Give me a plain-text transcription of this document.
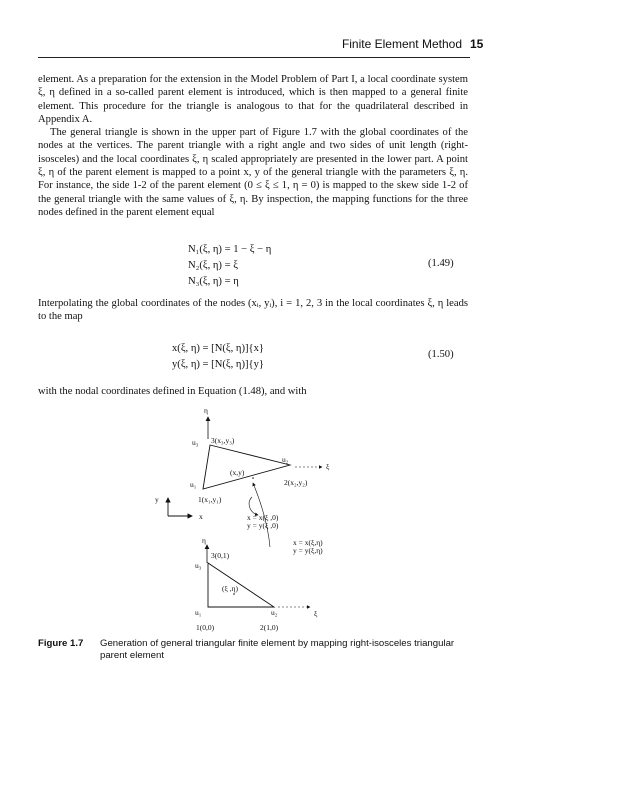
Finite Element Method 15

element. As a preparation for the extension in the Model Problem of Part I, a local coordinate system ξ, η defined in a so-called parent element is introduced, which is then mapped to a general finite element. This procedure for the triangle is analogous to that for the quadrilateral described in Appendix A.

The general triangle is shown in the upper part of Figure 1.7 with the global coordinates of the nodes at the vertices. The parent triangle with a right angle and two sides of unit length (right-isosceles) and the local coordinates ξ, η scaled appropriately are presented in the lower part. A point ξ, η of the parent element is mapped to a point x, y of the general triangle with the parameters ξ, η. For instance, the side 1-2 of the parent element (0 ≤ ξ ≤ 1, η = 0) is mapped to the skew side 1-2 of the general triangle with the same values of ξ, η. By inspection, the mapping functions for the three nodes defined in the parent element equal

N₁(ξ, η) = 1 − ξ − η
N₂(ξ, η) = ξ
N₃(ξ, η) = η
(1.49)

Interpolating the global coordinates of the nodes (xᵢ, yᵢ), i = 1, 2, 3 in the local coordinates ξ, η leads to the map

x(ξ, η) = [N(ξ, η)]{x}
y(ξ, η) = [N(ξ, η)]{y}
(1.50)

with the nodal coordinates defined in Equation (1.48), and with

η
u₃ 3(x₃,y₃)
(x,y)
u₂
ξ
2(x₂,y₂)
u₁
1(x₁,y₁)
y
x	x = x(ξ ,0)
y = y(ξ ,0)
η	x = x(ξ,η)
y = y(ξ,η)
u₃
3(0,1)
(ξ ,η)
u₁
1(0,0)
u₂
2(1,0)
ξ
Figure 1.7 Generation of general triangular finite element by mapping right-isosceles triangular parent element
